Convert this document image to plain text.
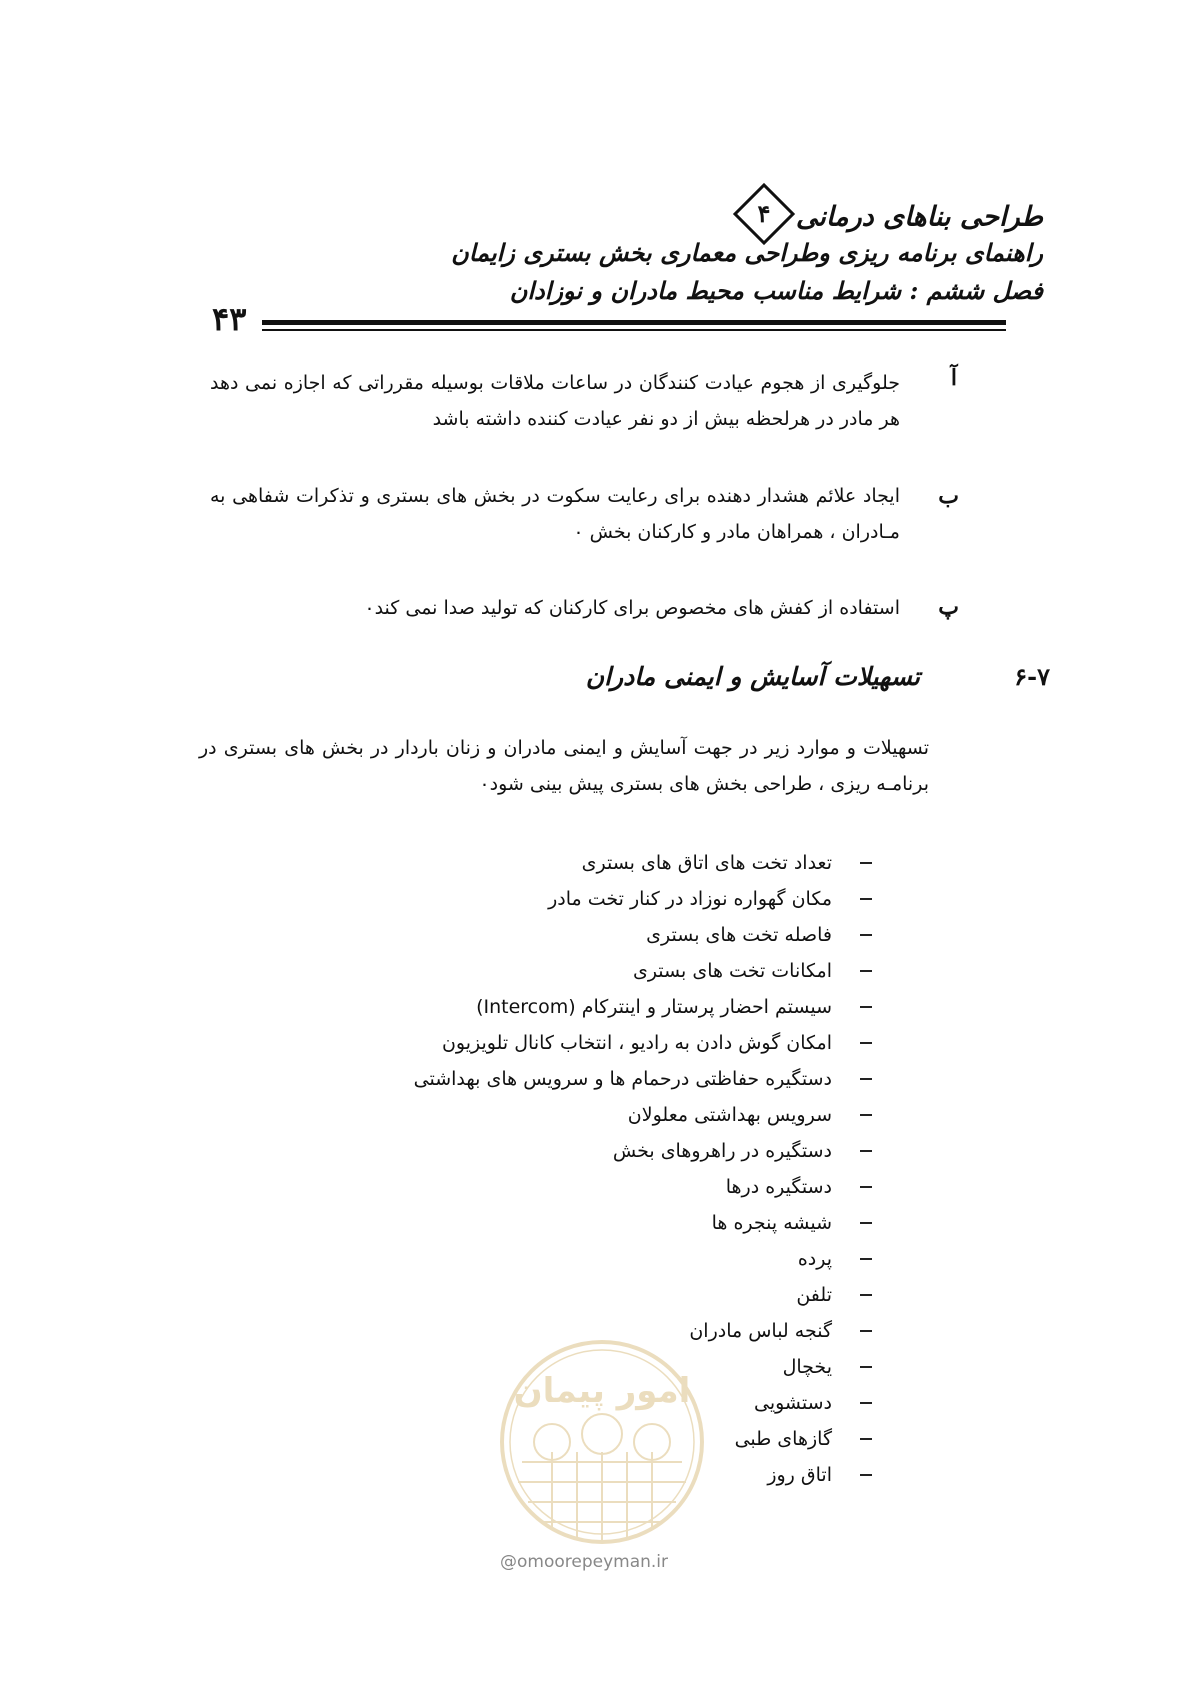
طراحی بناهای درمانی
۴
راهنمای برنامه ریزی وطراحی معماری بخش بستری زایمان
فصل ششم : شرایط مناسب محیط مادران و نوزادان
۴۳
آ
جلوگیری از هجوم عیادت کنندگان در ساعات ملاقات بوسیله مقرراتی که اجازه نمی دهد هر مادر در هرلحظه بیش از دو نفر عیادت کننده داشته باشد
ب
ایجاد علائم هشدار دهنده برای رعایت سکوت در بخش های بستری و تذکرات شفاهی به مـادران ، همراهان مادر و کارکنان بخش ۰
پ
استفاده از کفش های مخصوص برای کارکنان که تولید صدا نمی کند۰
۶-۷
تسهیلات آسایش و ایمنی مادران
تسهیلات و موارد زیر در جهت آسایش و ایمنی مادران و زنان باردار در بخش های بستری در برنامـه ریزی ، طراحی بخش های بستری پیش بینی شود۰
تعداد تخت های اتاق های بستری
مکان گهواره نوزاد در کنار تخت مادر
فاصله تخت های بستری
امکانات تخت های بستری
سیستم احضار پرستار و اینترکام (Intercom)
امکان گوش دادن به رادیو ، انتخاب کانال تلویزیون
دستگیره حفاظتی درحمام ها و سرویس های بهداشتی
سرویس بهداشتی معلولان
دستگیره در راهروهای بخش
دستگیره درها
شیشه پنجره ها
پرده
تلفن
گنجه لباس مادران
یخچال
دستشویی
گازهای طبی
اتاق روز
امور پیمان
@omoorepeyman.ir
